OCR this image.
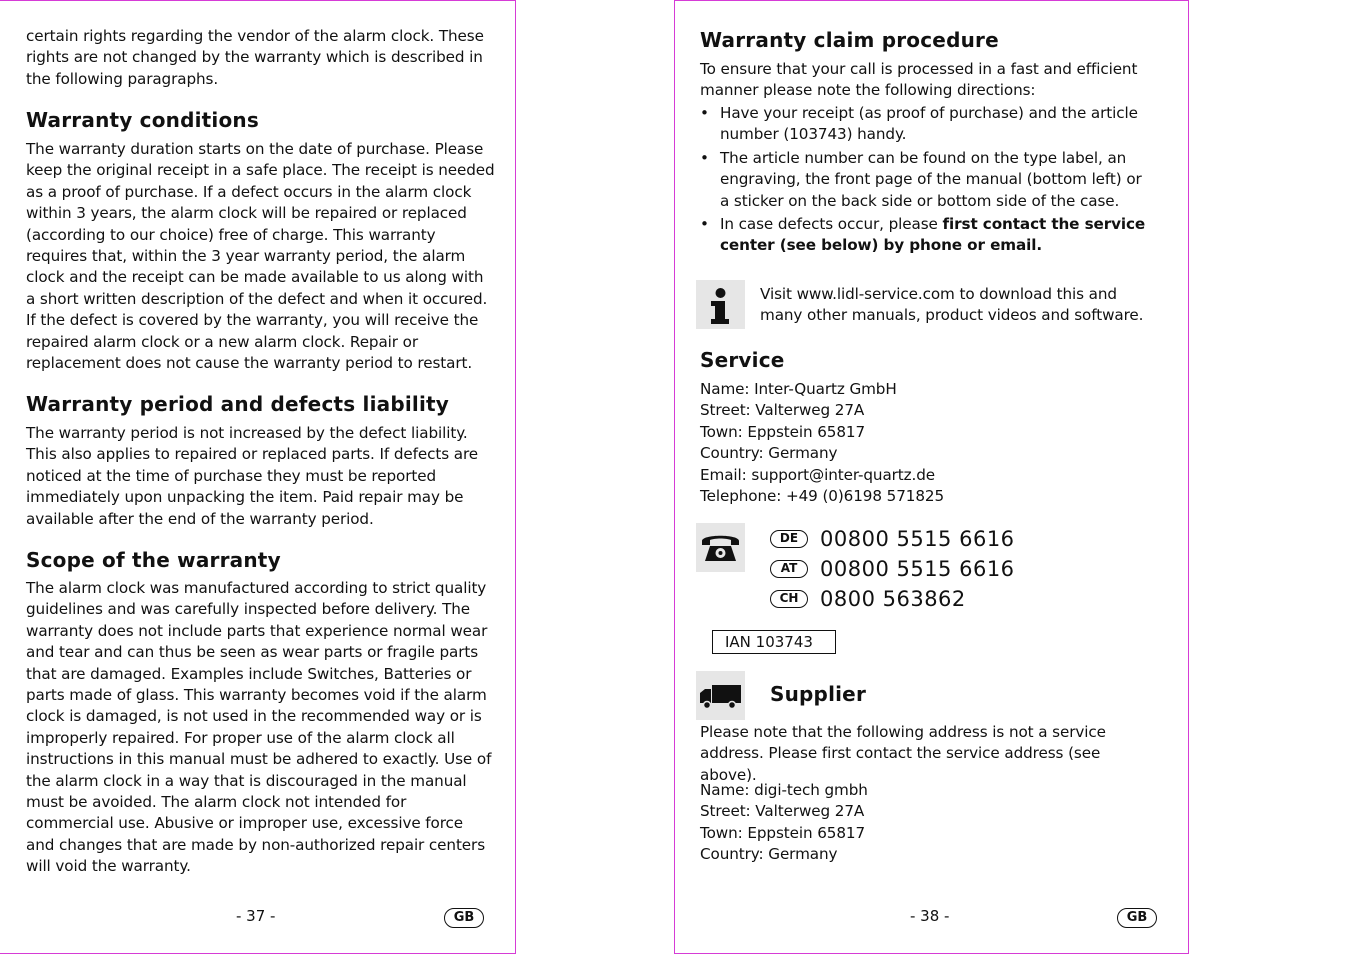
certain rights regarding the vendor of the alarm clock. These rights are not changed by the warranty which is described in the following paragraphs.

Warranty conditions

The warranty duration starts on the date of purchase. Please keep the original receipt in a safe place. The receipt is needed as a proof of purchase. If a defect occurs in the alarm clock within 3 years, the alarm clock will be repaired or replaced (according to our choice) free of charge. This warranty requires that, within the 3 year warranty period, the alarm clock and the receipt can be made available to us along with a short written description of the defect and when it occured. If the defect is covered by the warranty, you will receive the repaired alarm clock or a new alarm clock. Repair or replacement does not cause the warranty period to restart.

Warranty period and defects liability

The warranty period is not increased by the defect liability. This also applies to repaired or replaced parts. If defects are noticed at the time of purchase they must be reported immediately upon unpacking the item. Paid repair may be available after the end of the warranty period.

Scope of the warranty

The alarm clock was manufactured according to strict quality guidelines and was carefully inspected before delivery. The warranty does not include parts that experience normal wear and tear and can thus be seen as wear parts or fragile parts that are damaged. Examples include Switches, Batteries or parts made of glass. This warranty becomes void if the alarm clock is damaged, is not used in the recommended way or is improperly repaired. For proper use of the alarm clock all instructions in this manual must be adhered to exactly. Use of the alarm clock in a way that is discouraged in the manual must be avoided. The alarm clock not intended for commercial use. Abusive or improper use, excessive force and changes that are made by non-authorized repair centers will void the warranty.

- 37 -	GB
Warranty claim procedure

To ensure that your call is processed in a fast and efficient manner please note the following directions:

• Have your receipt (as proof of purchase) and the article number (103743) handy.
• The article number can be found on the type label, an engraving, the front page of the manual (bottom left) or a sticker on the back side or bottom side of the case.
• In case defects occur, please first contact the service center (see below) by phone or email.

Visit www.lidl-service.com to download this and many other manuals, product videos and software.

Service
Name: Inter-Quartz GmbH
Street: Valterweg 27A
Town: Eppstein 65817
Country: Germany
Email: support@inter-quartz.de
Telephone: +49 (0)6198 571825
DE	00800 5515 6616
AT	00800 5515 6616
CH	0800 563862
IAN 103743
Supplier

Please note that the following address is not a service address. Please first contact the service address (see above).

Name: digi-tech gmbh
Street: Valterweg 27A
Town: Eppstein 65817
Country: Germany
- 38 -	GB
